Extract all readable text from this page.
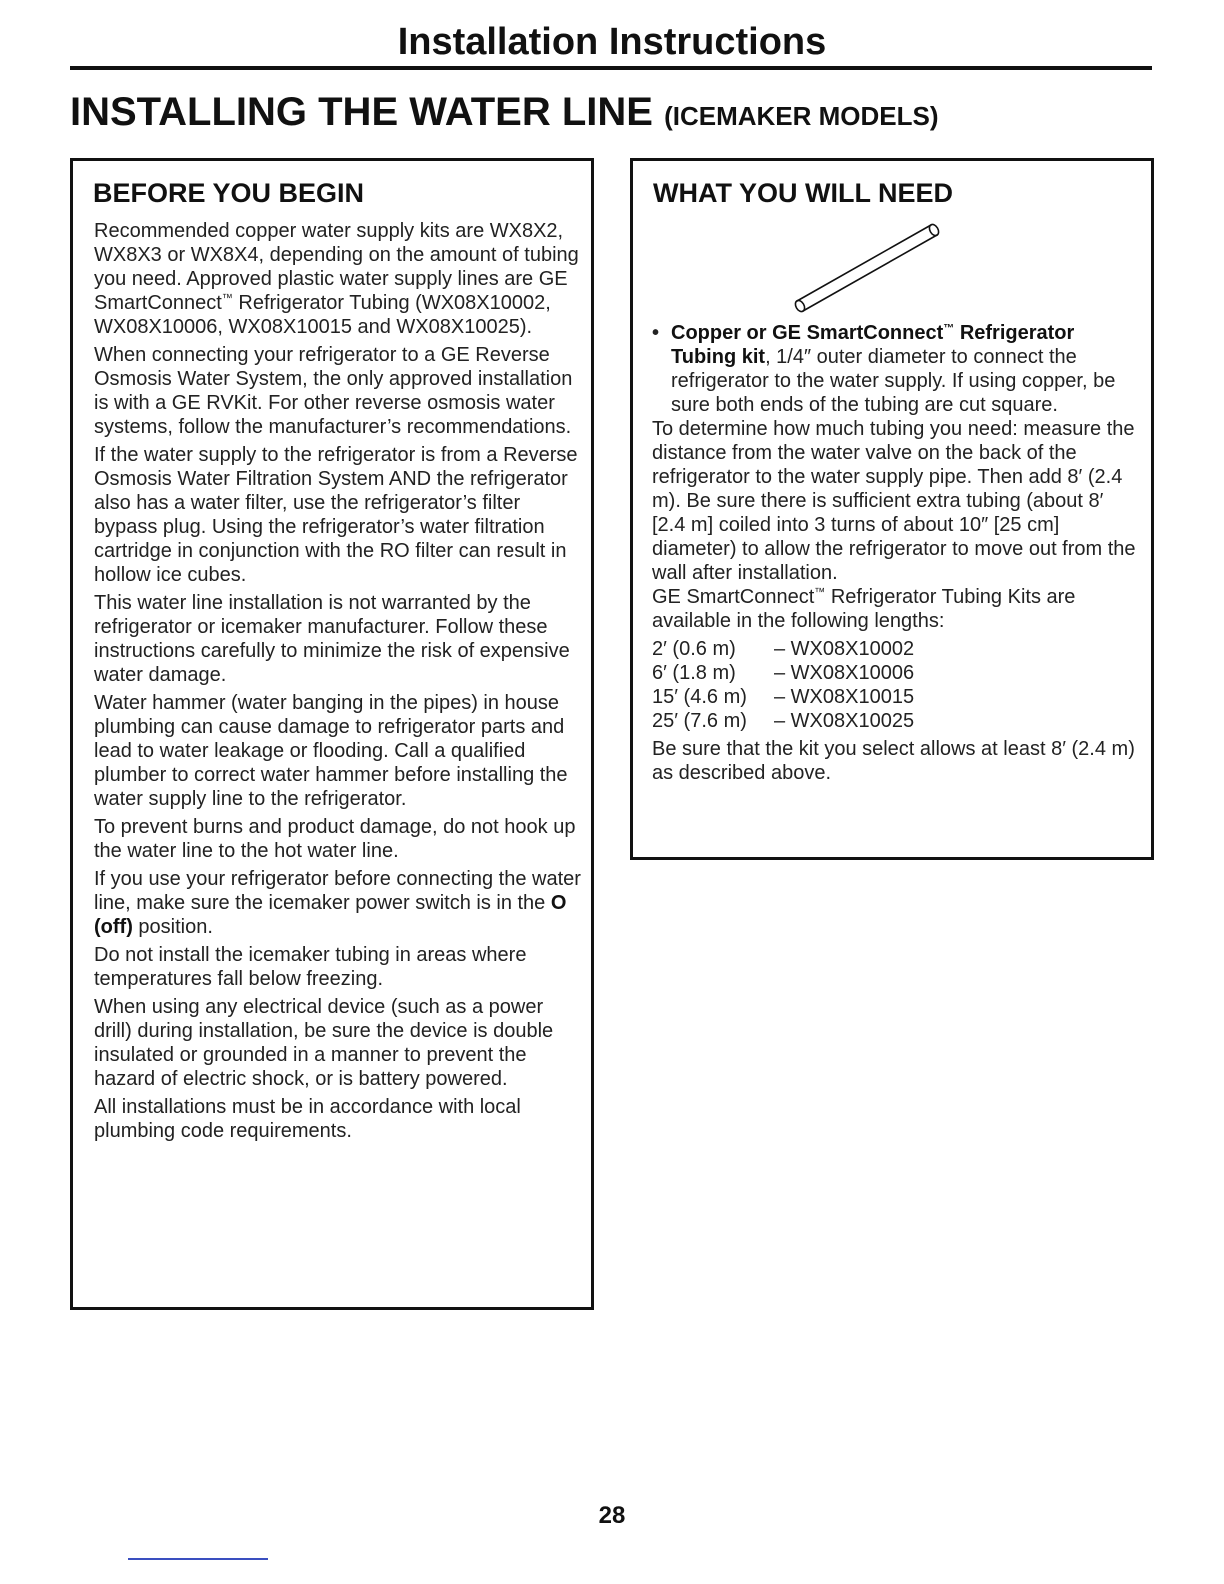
Installation Instructions
INSTALLING THE WATER LINE (ICEMAKER MODELS)
BEFORE YOU BEGIN

Recommended copper water supply kits are WX8X2, WX8X3 or WX8X4, depending on the amount of tubing you need. Approved plastic water supply lines are GE SmartConnect™ Refrigerator Tubing (WX08X10002, WX08X10006, WX08X10015 and WX08X10025).

When connecting your refrigerator to a GE Reverse Osmosis Water System, the only approved installation is with a GE RVKit. For other reverse osmosis water systems, follow the manufacturer’s recommendations.

If the water supply to the refrigerator is from a Reverse Osmosis Water Filtration System AND the refrigerator also has a water filter, use the refrigerator’s filter bypass plug. Using the refrigerator’s water filtration cartridge in conjunction with the RO filter can result in hollow ice cubes.

This water line installation is not warranted by the refrigerator or icemaker manufacturer. Follow these instructions carefully to minimize the risk of expensive water damage.

Water hammer (water banging in the pipes) in house plumbing can cause damage to refrigerator parts and lead to water leakage or flooding. Call a qualified plumber to correct water hammer before installing the water supply line to the refrigerator.

To prevent burns and product damage, do not hook up the water line to the hot water line.

If you use your refrigerator before connecting the water line, make sure the icemaker power switch is in the O (off) position.

Do not install the icemaker tubing in areas where temperatures fall below freezing.

When using any electrical device (such as a power drill) during installation, be sure the device is double insulated or grounded in a manner to prevent the hazard of electric shock, or is battery powered.

All installations must be in accordance with local plumbing code requirements.

WHAT YOU WILL NEED
• Copper or GE SmartConnect™ Refrigerator Tubing kit, 1/4″ outer diameter to connect the refrigerator to the water supply. If using copper, be sure both ends of the tubing are cut square.

To determine how much tubing you need: measure the distance from the water valve on the back of the refrigerator to the water supply pipe. Then add 8′ (2.4 m). Be sure there is sufficient extra tubing (about 8′ [2.4 m] coiled into 3 turns of about 10″ [25 cm] diameter) to allow the refrigerator to move out from the wall after installation.

GE SmartConnect™ Refrigerator Tubing Kits are available in the following lengths:

2′ (0.6 m)	– WX08X10002
6′ (1.8 m)	– WX08X10006
15′ (4.6 m)	– WX08X10015
25′ (7.6 m)	– WX08X10025

Be sure that the kit you select allows at least 8′ (2.4 m) as described above.

28
